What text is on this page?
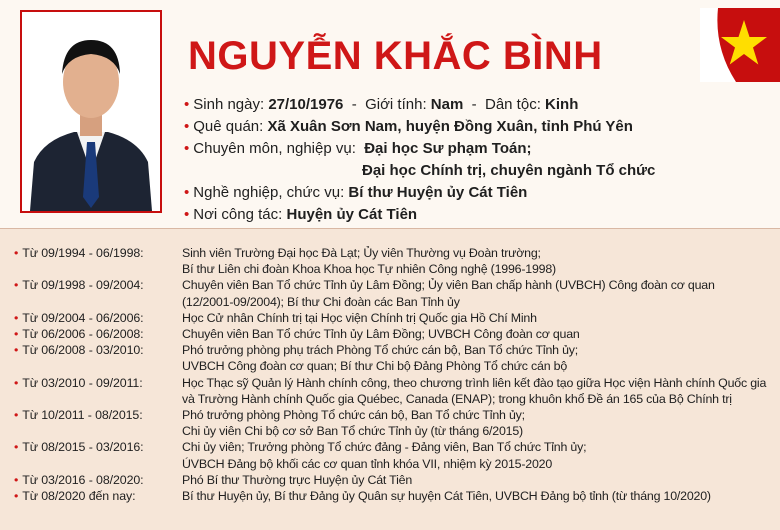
NGUYỄN KHẮC BÌNH
• Sinh ngày: 27/10/1976 - Giới tính: Nam - Dân tộc: Kinh
• Quê quán: Xã Xuân Sơn Nam, huyện Đồng Xuân, tỉnh Phú Yên
• Chuyên môn, nghiệp vụ: Đại học Sư phạm Toán;
Đại học Chính trị, chuyên ngành Tổ chức
• Nghề nghiệp, chức vụ: Bí thư Huyện ủy Cát Tiên
• Nơi công tác: Huyện ủy Cát Tiên
• Từ 09/1994 - 06/1998:	Sinh viên Trường Đại học Đà Lạt; Ủy viên Thường vụ Đoàn trường;
Bí thư Liên chi đoàn Khoa Khoa học Tự nhiên Công nghệ (1996-1998)
• Từ 09/1998 - 09/2004:	Chuyên viên Ban Tổ chức Tỉnh ủy Lâm Đồng; Ủy viên Ban chấp hành (UVBCH) Công đoàn cơ quan
(12/2001-09/2004); Bí thư Chi đoàn các Ban Tỉnh ủy
• Từ 09/2004 - 06/2006:	Học Cử nhân Chính trị tại Học viện Chính trị Quốc gia Hồ Chí Minh
• Từ 06/2006 - 06/2008:	Chuyên viên Ban Tổ chức Tỉnh ủy Lâm Đồng; UVBCH Công đoàn cơ quan
• Từ 06/2008 - 03/2010:	Phó trưởng phòng phụ trách Phòng Tổ chức cán bộ, Ban Tổ chức Tỉnh ủy;
UVBCH Công đoàn cơ quan; Bí thư Chi bộ Đảng Phòng Tổ chức cán bộ
• Từ 03/2010 - 09/2011:	Học Thạc sỹ Quản lý Hành chính công, theo chương trình liên kết đào tạo giữa Học viện Hành chính Quốc gia
và Trường Hành chính Quốc gia Québec, Canada (ENAP); trong khuôn khổ Đề án 165 của Bộ Chính trị
• Từ 10/2011 - 08/2015:	Phó trưởng phòng Phòng Tổ chức cán bộ, Ban Tổ chức Tỉnh ủy;
Chi ủy viên Chi bộ cơ sở Ban Tổ chức Tỉnh ủy (từ tháng 6/2015)
• Từ 08/2015 - 03/2016:	Chi ủy viên; Trưởng phòng Tổ chức đảng - Đảng viên, Ban Tổ chức Tỉnh ủy;
ÚVBCH Đảng bộ khối các cơ quan tỉnh khóa VII, nhiệm kỳ 2015-2020
• Từ 03/2016 - 08/2020:	Phó Bí thư Thường trực Huyện ủy Cát Tiên
• Từ 08/2020 đến nay:	Bí thư Huyện ủy, Bí thư Đảng ủy Quân sự huyện Cát Tiên, UVBCH Đảng bộ tỉnh (từ tháng 10/2020)
